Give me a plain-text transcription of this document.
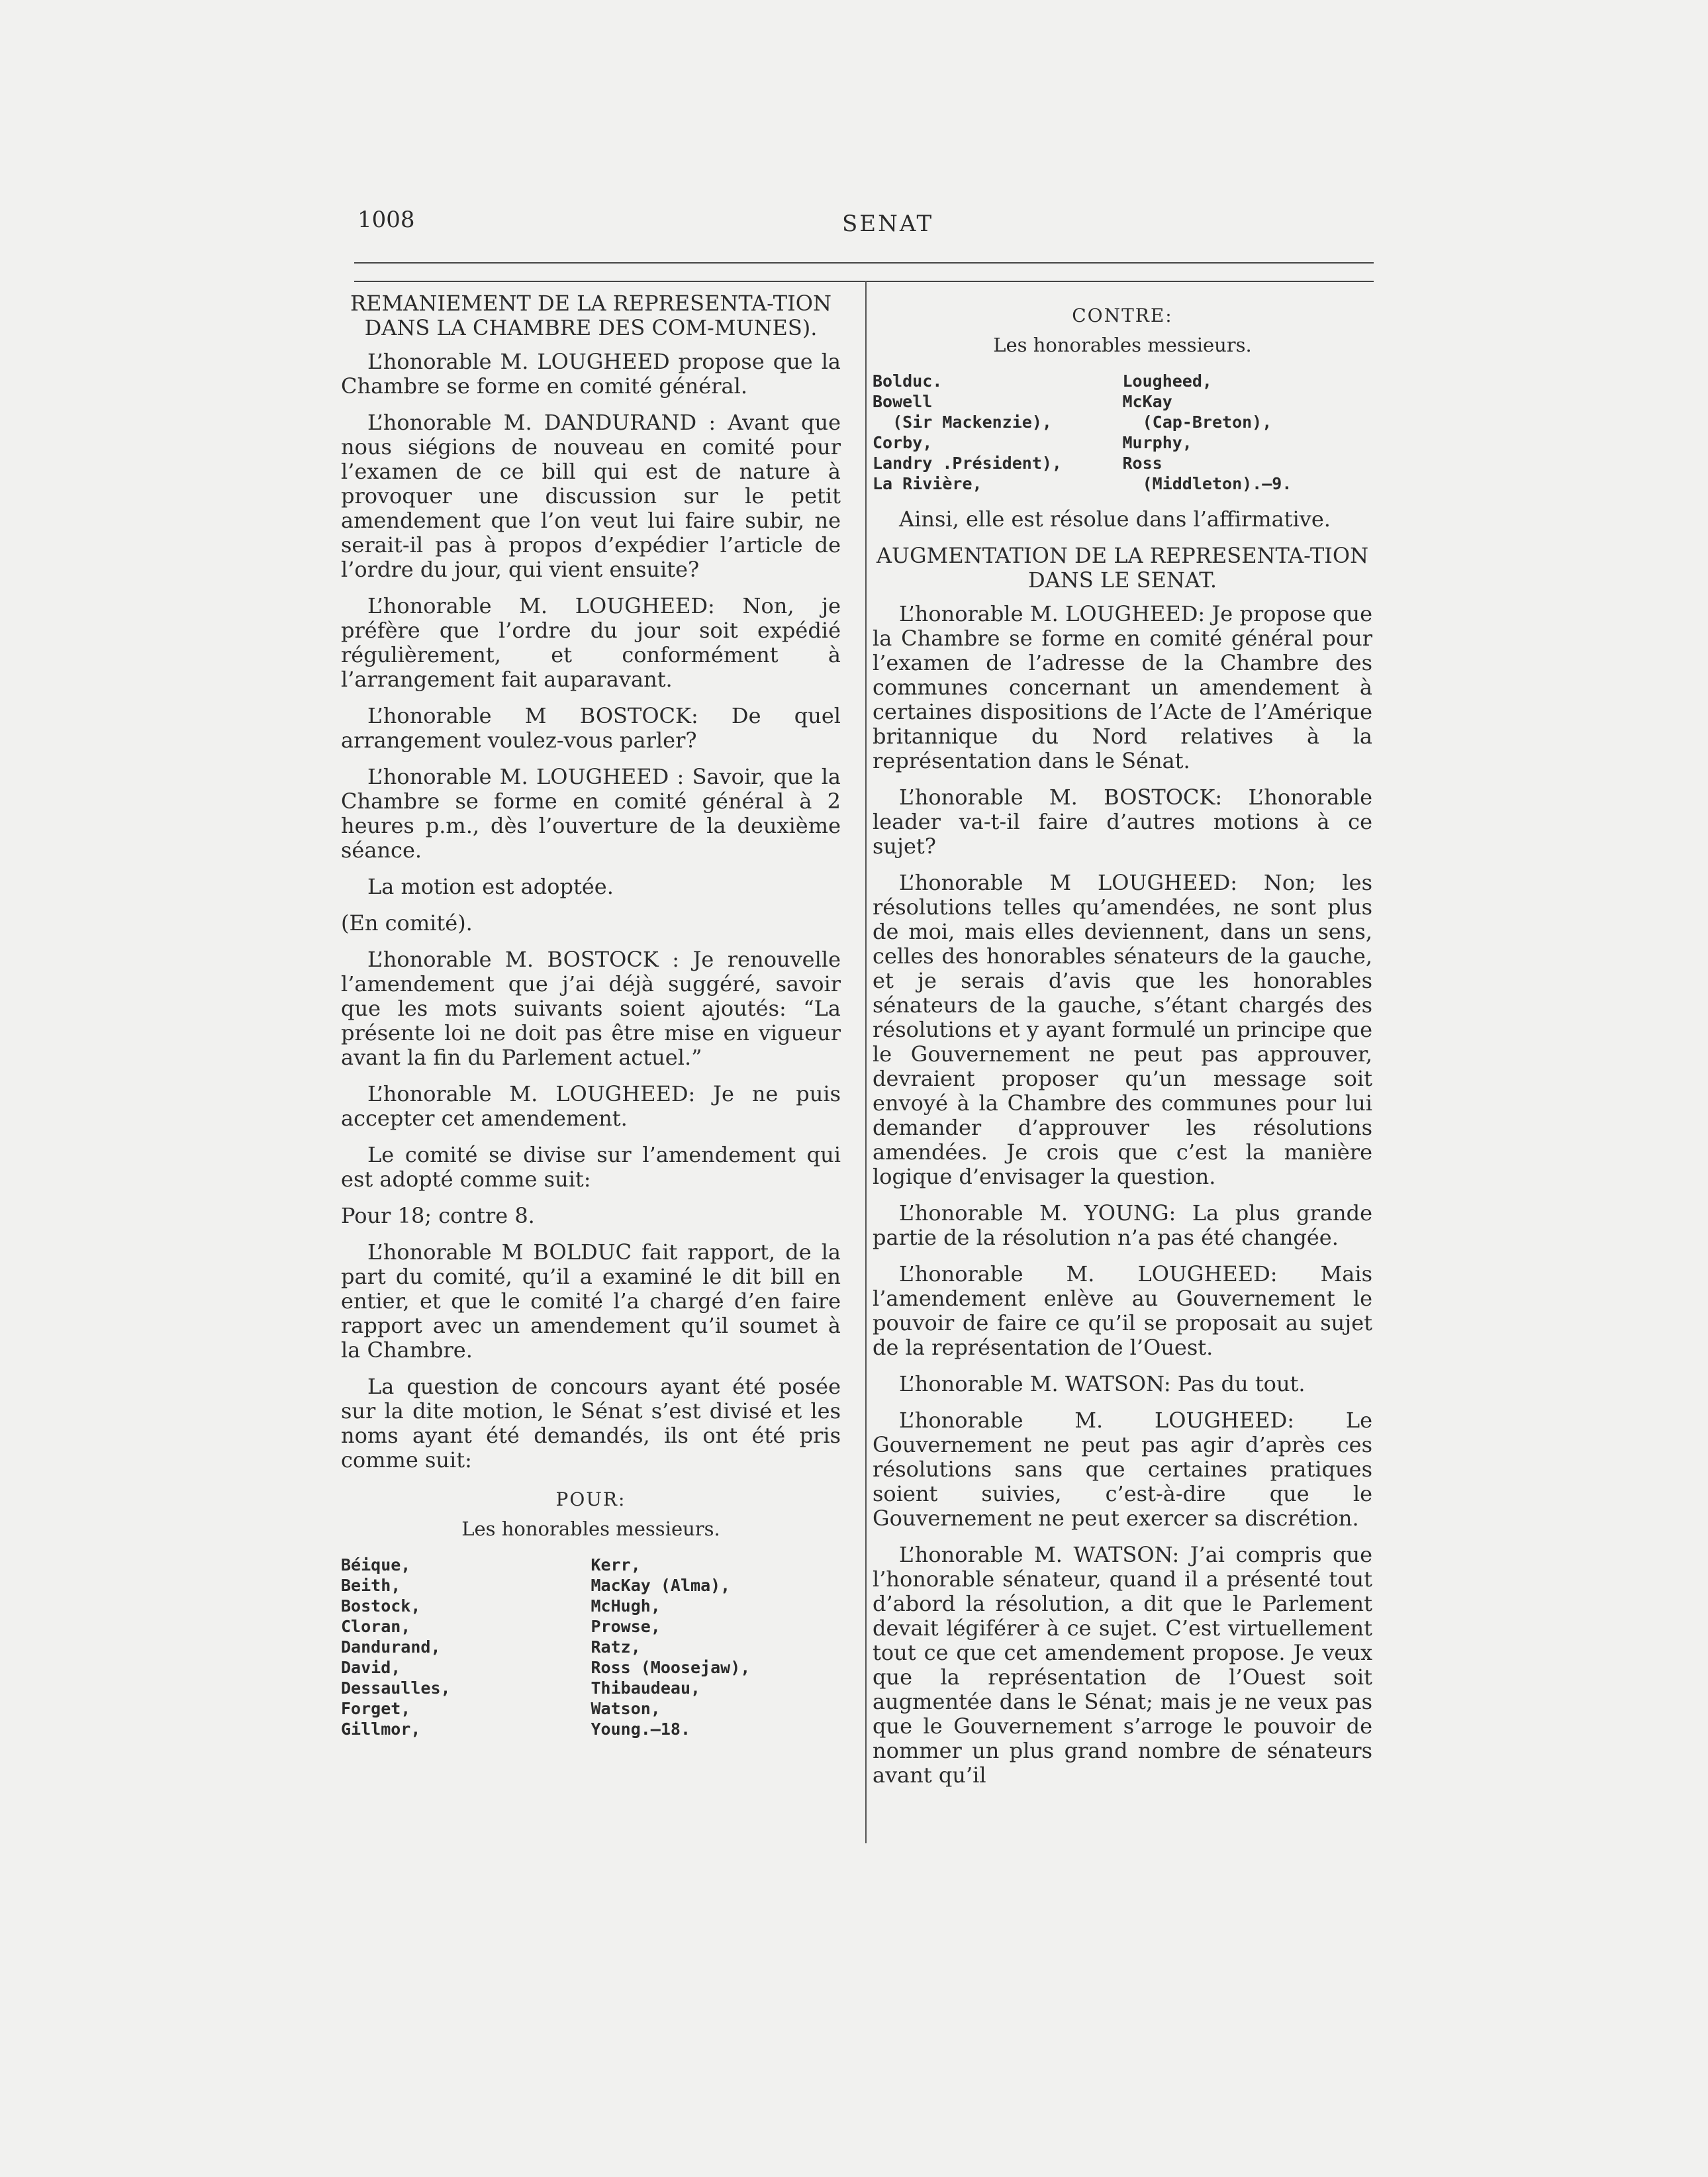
1008	SENAT
REMANIEMENT DE LA REPRESENTA-TION DANS LA CHAMBRE DES COM-MUNES).

L’honorable M. LOUGHEED propose que la Chambre se forme en comité général.

L’honorable M. DANDURAND : Avant que nous siégions de nouveau en comité pour l’examen de ce bill qui est de nature à provoquer une discussion sur le petit amendement que l’on veut lui faire subir, ne serait-il pas à propos d’expédier l’article de l’ordre du jour, qui vient ensuite?

L’honorable M. LOUGHEED: Non, je préfère que l’ordre du jour soit expédié régulièrement, et conformément à l’arrangement fait auparavant.

L’honorable M BOSTOCK: De quel arrangement voulez-vous parler?

L’honorable M. LOUGHEED : Savoir, que la Chambre se forme en comité général à 2 heures p.m., dès l’ouverture de la deuxième séance.

La motion est adoptée.

(En comité).

L’honorable M. BOSTOCK : Je renouvelle l’amendement que j’ai déjà suggéré, savoir que les mots suivants soient ajoutés: “La présente loi ne doit pas être mise en vigueur avant la fin du Parlement actuel.”

L’honorable M. LOUGHEED: Je ne puis accepter cet amendement.

Le comité se divise sur l’amendement qui est adopté comme suit:

Pour 18; contre 8.

L’honorable M BOLDUC fait rapport, de la part du comité, qu’il a examiné le dit bill en entier, et que le comité l’a chargé d’en faire rapport avec un amendement qu’il soumet à la Chambre.

La question de concours ayant été posée sur la dite motion, le Sénat s’est divisé et les noms ayant été demandés, ils ont été pris comme suit:

POUR:
Les honorables messieurs.
Béique,
Beith,
Bostock,
Cloran,
Dandurand,
David,
Dessaulles,
Forget,
Gillmor,
Kerr,
MacKay (Alma),
McHugh,
Prowse,
Ratz,
Ross (Moosejaw),
Thibaudeau,
Watson,
Young.—18.
CONTRE:
Les honorables messieurs.
Bolduc.
Bowell
(Sir Mackenzie),
Corby,
Landry .Président),
La Rivière,
Lougheed,
McKay
(Cap-Breton),
Murphy,
Ross
(Middleton).—9.

Ainsi, elle est résolue dans l’affirmative.

AUGMENTATION DE LA REPRESENTA-TION DANS LE SENAT.

L’honorable M. LOUGHEED: Je propose que la Chambre se forme en comité général pour l’examen de l’adresse de la Chambre des communes concernant un amendement à certaines dispositions de l’Acte de l’Amérique britannique du Nord relatives à la représentation dans le Sénat.

L’honorable M. BOSTOCK: L’honorable leader va-t-il faire d’autres motions à ce sujet?

L’honorable M LOUGHEED: Non; les résolutions telles qu’amendées, ne sont plus de moi, mais elles deviennent, dans un sens, celles des honorables sénateurs de la gauche, et je serais d’avis que les honorables sénateurs de la gauche, s’étant chargés des résolutions et y ayant formulé un principe que le Gouvernement ne peut pas approuver, devraient proposer qu’un message soit envoyé à la Chambre des communes pour lui demander d’approuver les résolutions amendées. Je crois que c’est la manière logique d’envisager la question.

L’honorable M. YOUNG: La plus grande partie de la résolution n’a pas été changée.

L’honorable M. LOUGHEED: Mais l’amendement enlève au Gouvernement le pouvoir de faire ce qu’il se proposait au sujet de la représentation de l’Ouest.

L’honorable M. WATSON: Pas du tout.

L’honorable M. LOUGHEED: Le Gouvernement ne peut pas agir d’après ces résolutions sans que certaines pratiques soient suivies, c’est-à-dire que le Gouvernement ne peut exercer sa discrétion.

L’honorable M. WATSON: J’ai compris que l’honorable sénateur, quand il a présenté tout d’abord la résolution, a dit que le Parlement devait légiférer à ce sujet. C’est virtuellement tout ce que cet amendement propose. Je veux que la représentation de l’Ouest soit augmentée dans le Sénat; mais je ne veux pas que le Gouvernement s’arroge le pouvoir de nommer un plus grand nombre de sénateurs avant qu’il
